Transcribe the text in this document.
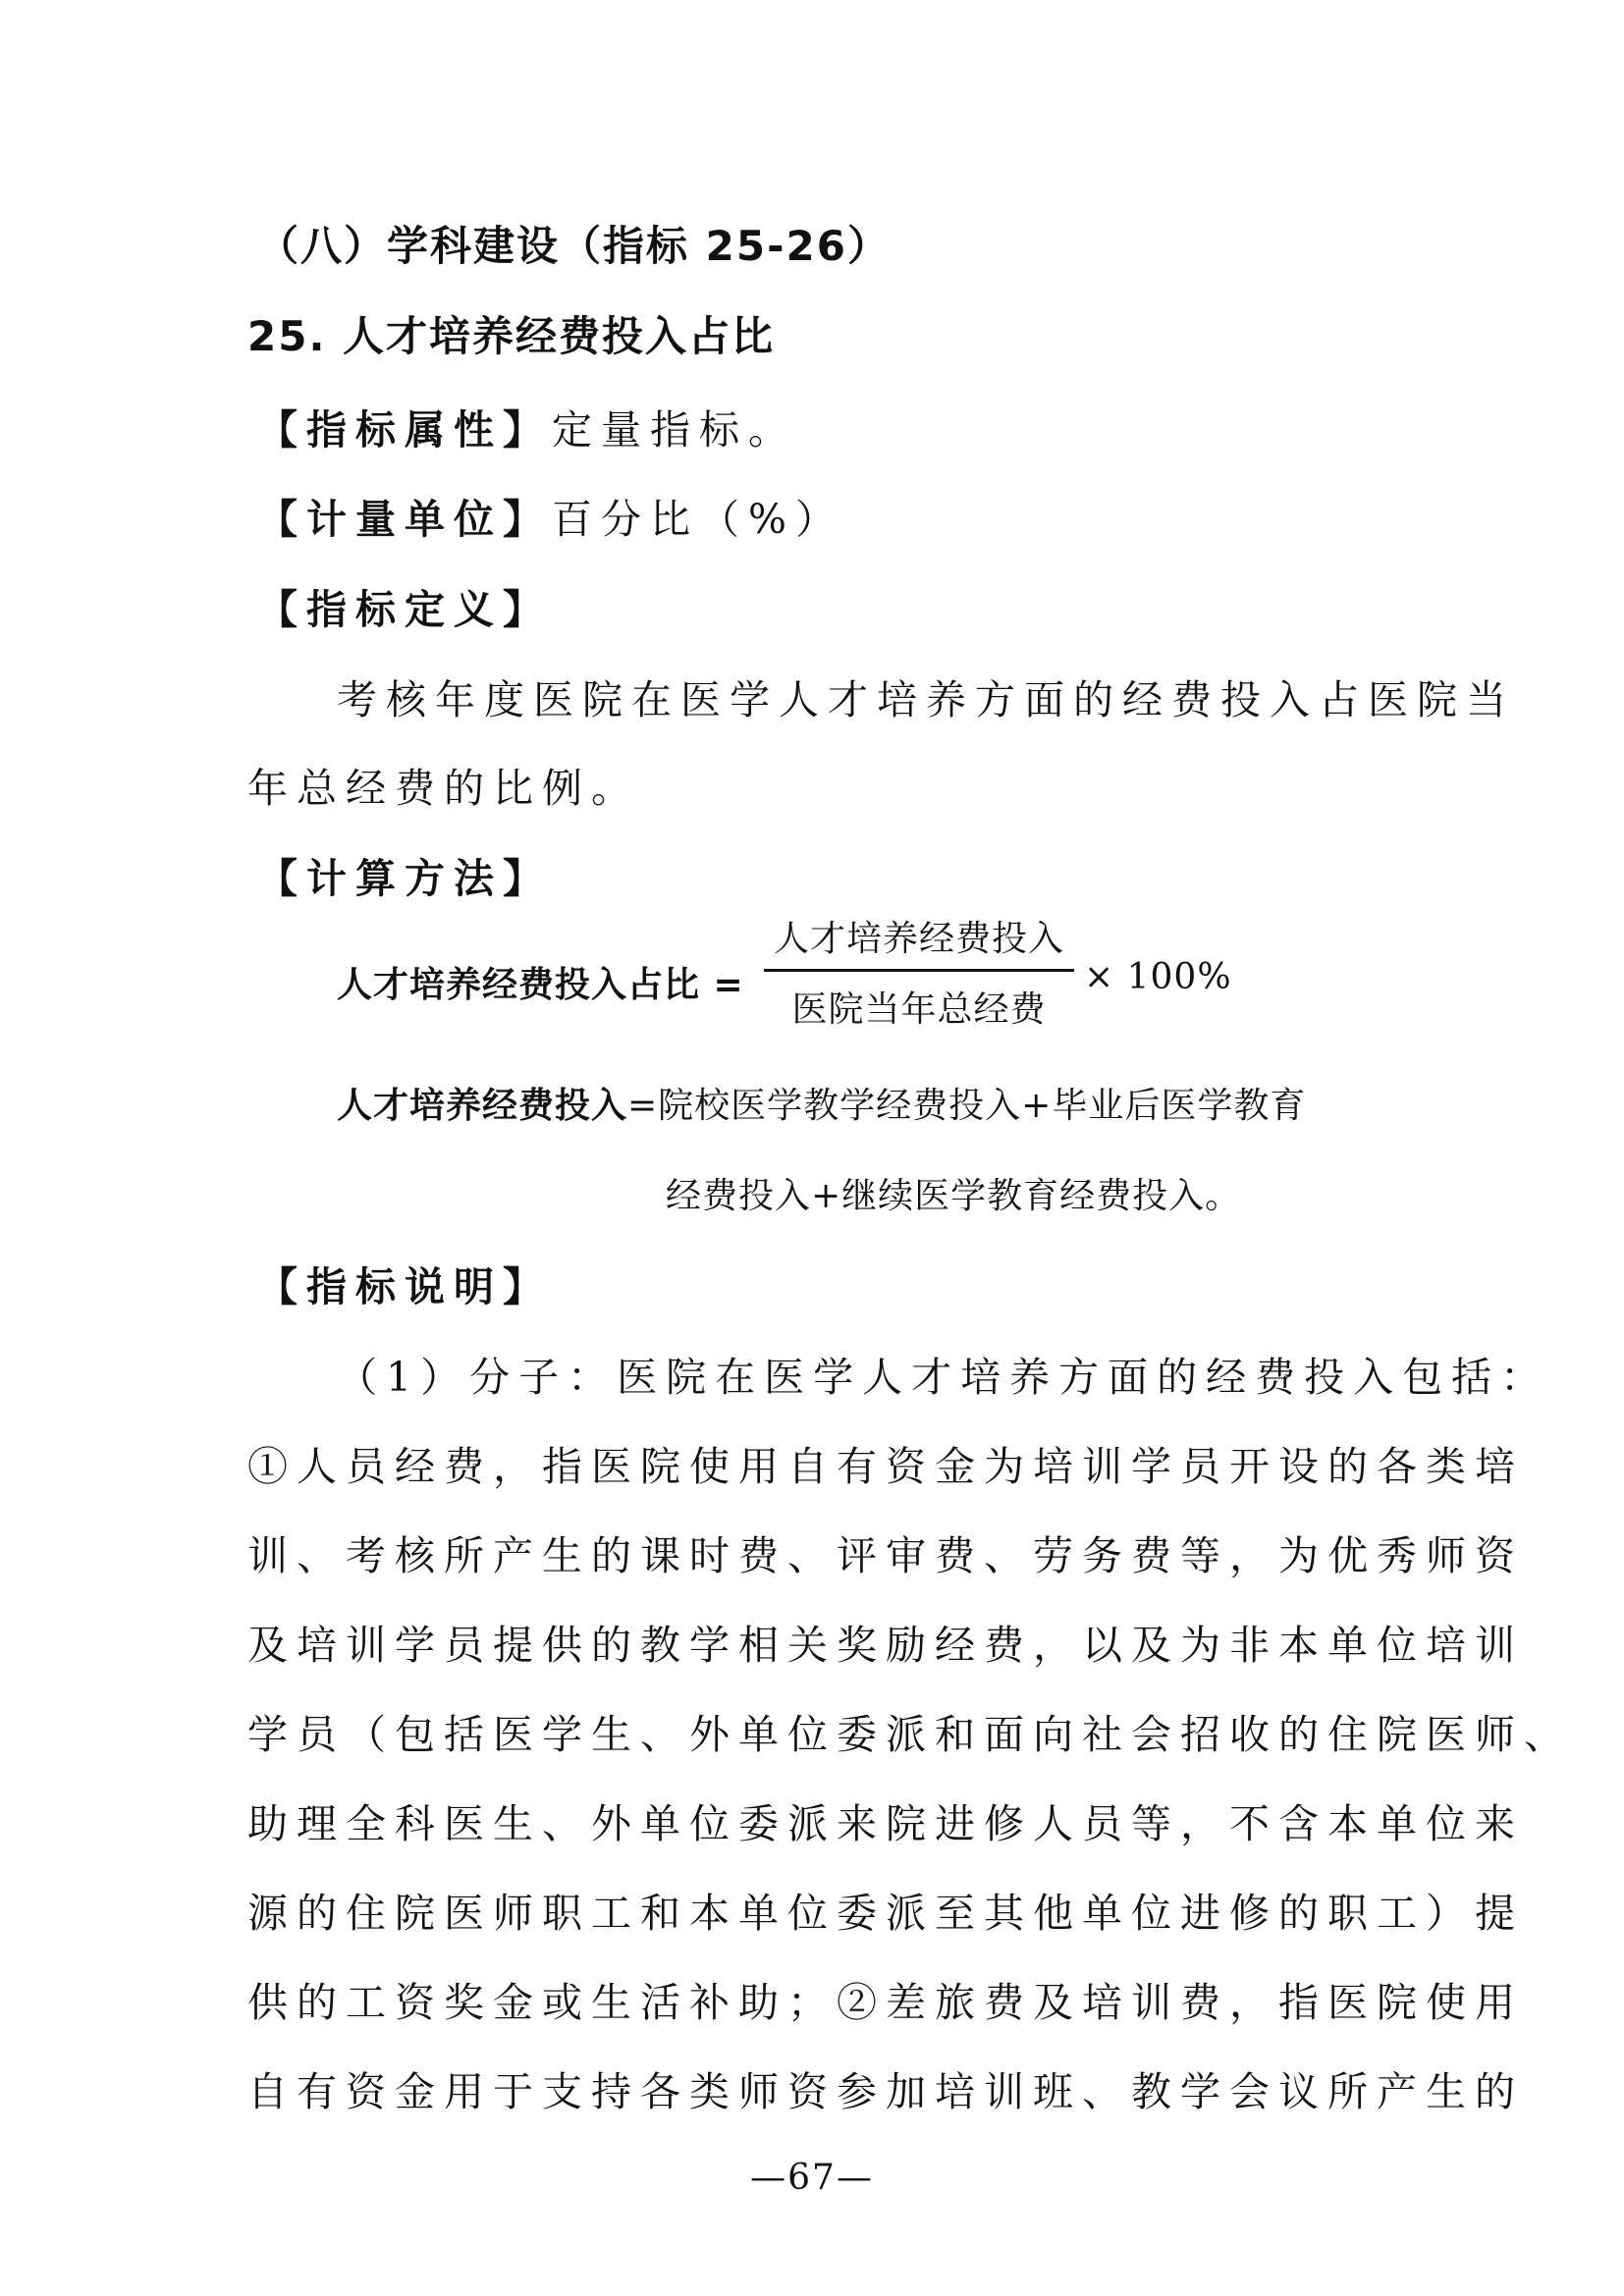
（八）学科建设（指标 25-26）
25. 人才培养经费投入占比
【指标属性】定量指标。
【计量单位】百分比（%）
【指标定义】
考核年度医院在医学人才培养方面的经费投入占医院当
年总经费的比例。
【计算方法】
人才培养经费投入占比 =
人才培养经费投入
医院当年总经费
× 100%
人才培养经费投入=院校医学教学经费投入+毕业后医学教育
经费投入+继续医学教育经费投入。
【指标说明】
（1）分子：医院在医学人才培养方面的经费投入包括：
①人员经费，指医院使用自有资金为培训学员开设的各类培
训、考核所产生的课时费、评审费、劳务费等，为优秀师资
及培训学员提供的教学相关奖励经费，以及为非本单位培训
学员（包括医学生、外单位委派和面向社会招收的住院医师、
助理全科医生、外单位委派来院进修人员等，不含本单位来
源的住院医师职工和本单位委派至其他单位进修的职工）提
供的工资奖金或生活补助；②差旅费及培训费，指医院使用
自有资金用于支持各类师资参加培训班、教学会议所产生的
—67—
